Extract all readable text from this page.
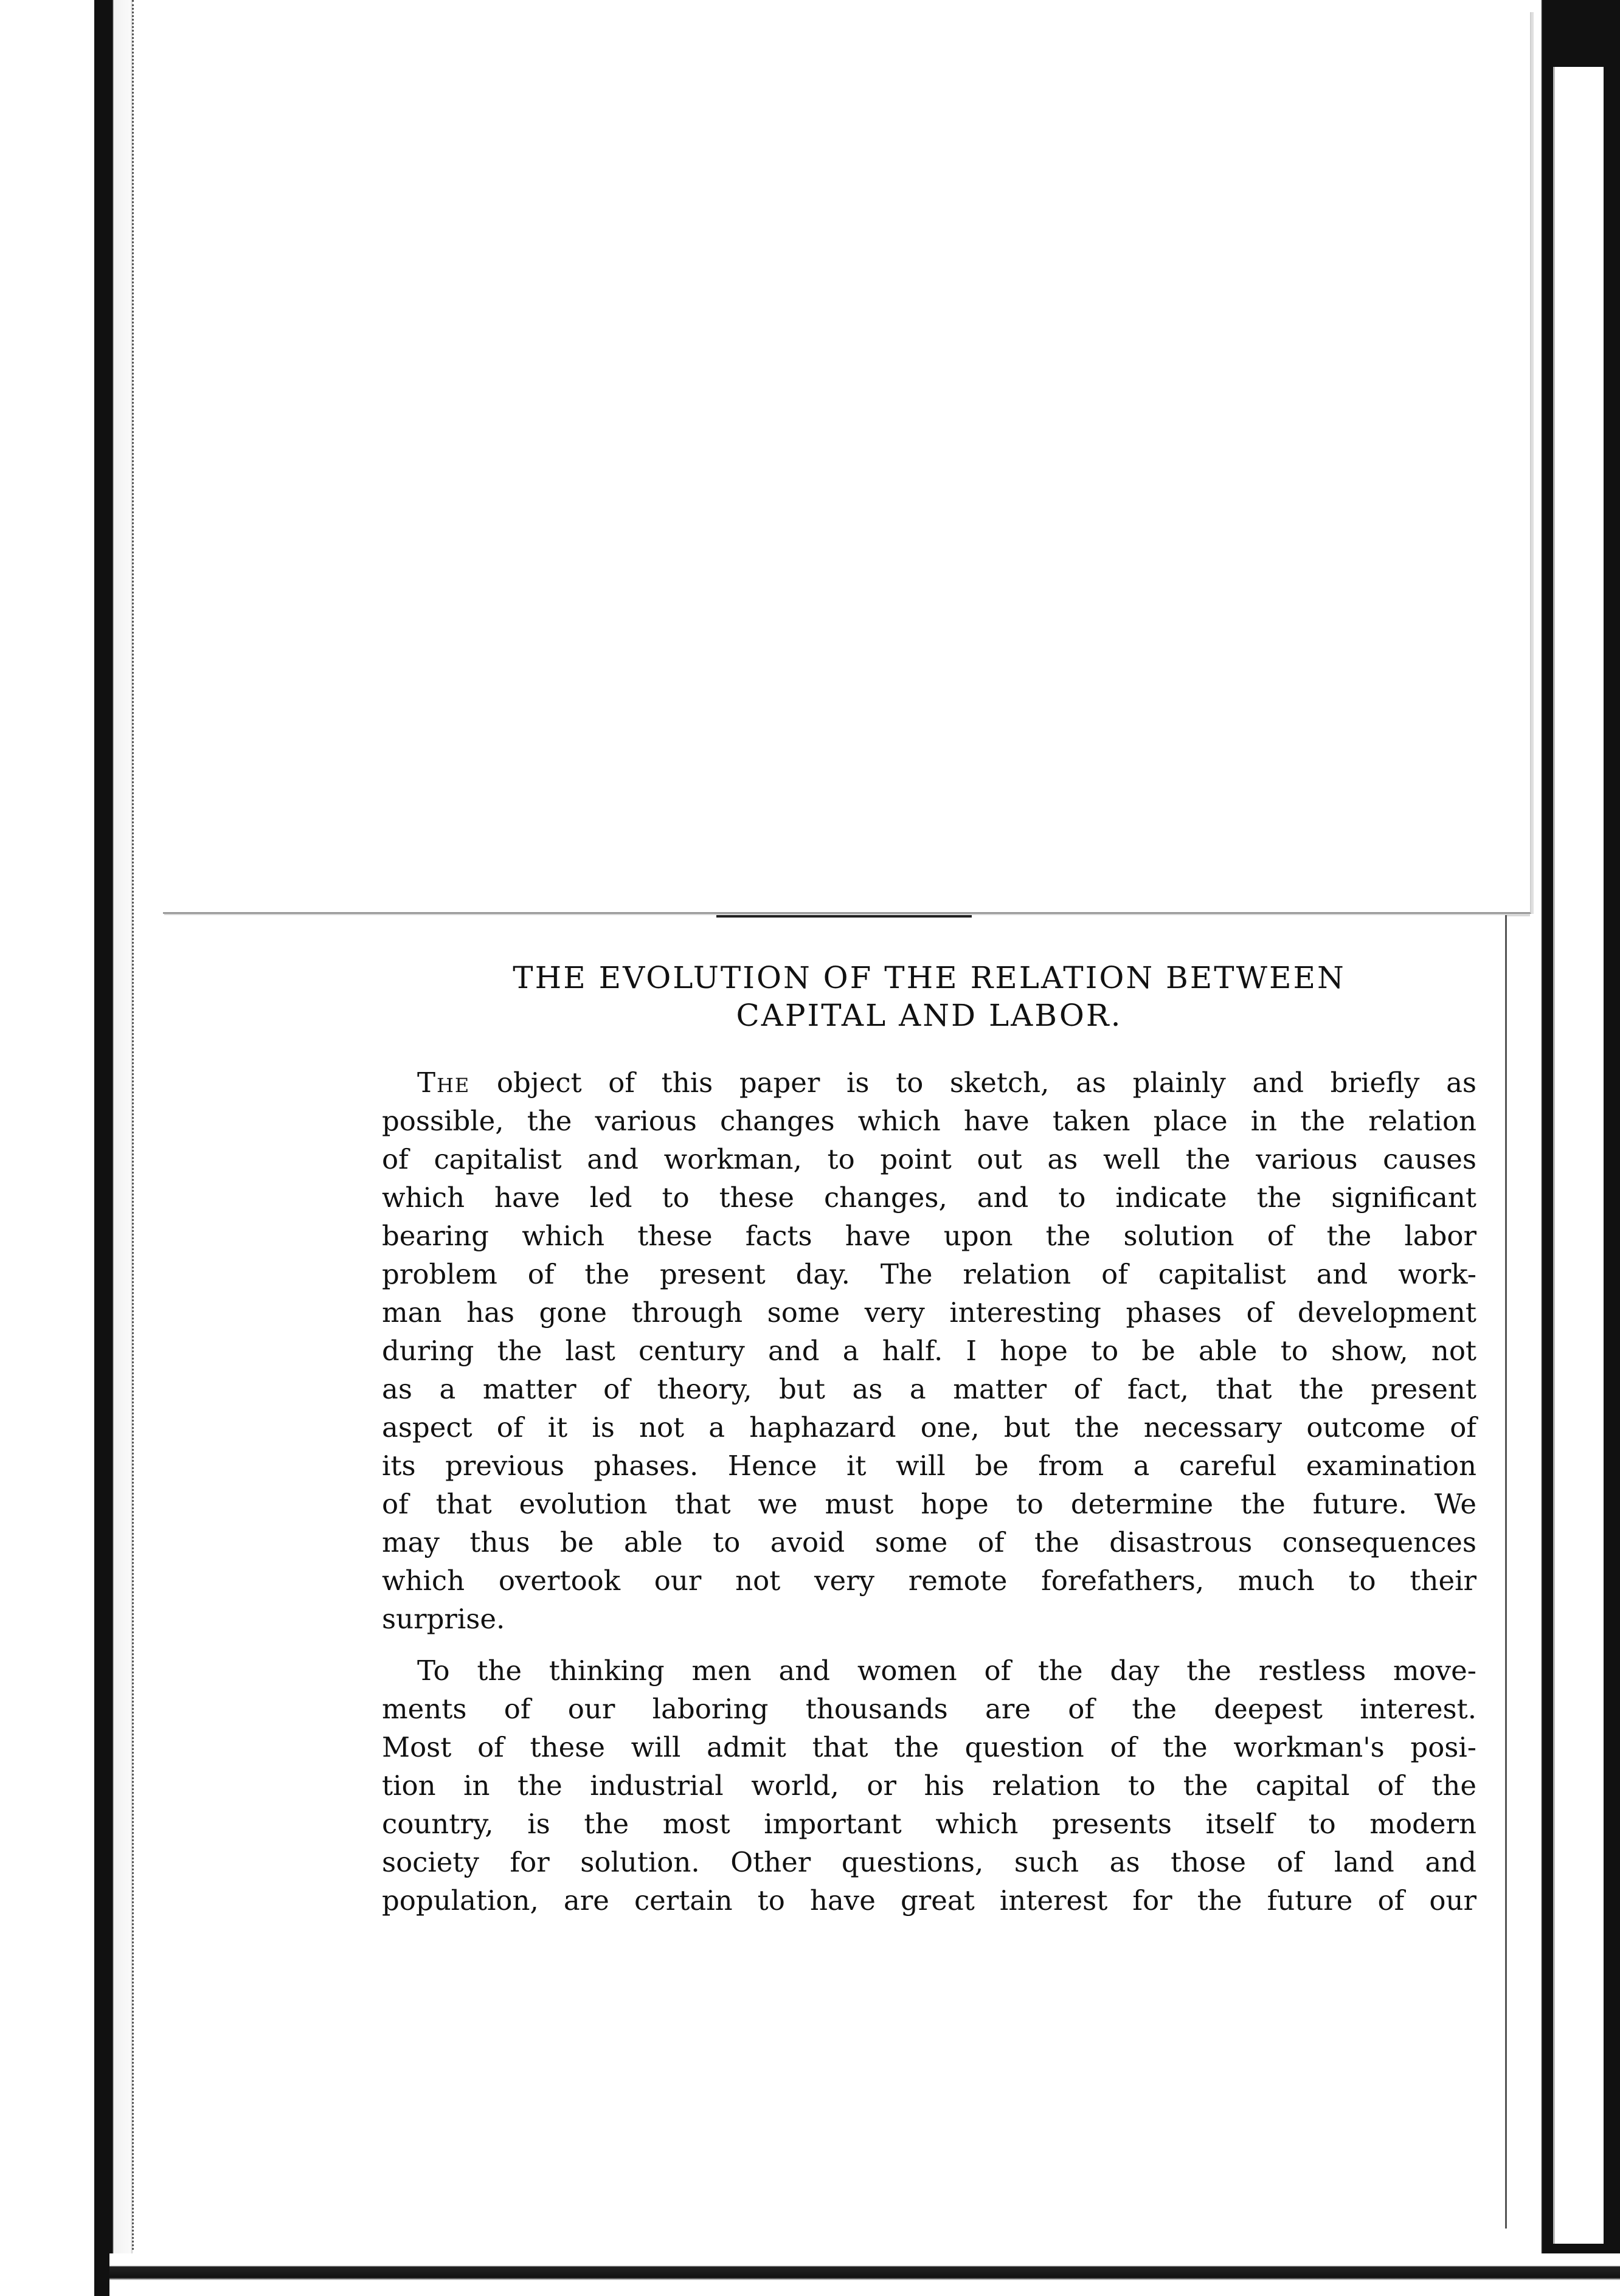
THE EVOLUTION OF THE RELATION BETWEEN
CAPITAL AND LABOR.
The object of this paper is to sketch, as plainly and briefly as
possible, the various changes which have taken place in the relation
of capitalist and workman, to point out as well the various causes
which have led to these changes, and to indicate the significant
bearing which these facts have upon the solution of the labor
problem of the present day. The relation of capitalist and work-
man has gone through some very interesting phases of development
during the last century and a half. I hope to be able to show, not
as a matter of theory, but as a matter of fact, that the present
aspect of it is not a haphazard one, but the necessary outcome of
its previous phases. Hence it will be from a careful examination
of that evolution that we must hope to determine the future. We
may thus be able to avoid some of the disastrous consequences
which overtook our not very remote forefathers, much to their
surprise.
To the thinking men and women of the day the restless move-
ments of our laboring thousands are of the deepest interest.
Most of these will admit that the question of the workman's posi-
tion in the industrial world, or his relation to the capital of the
country, is the most important which presents itself to modern
society for solution. Other questions, such as those of land and
population, are certain to have great interest for the future of our
